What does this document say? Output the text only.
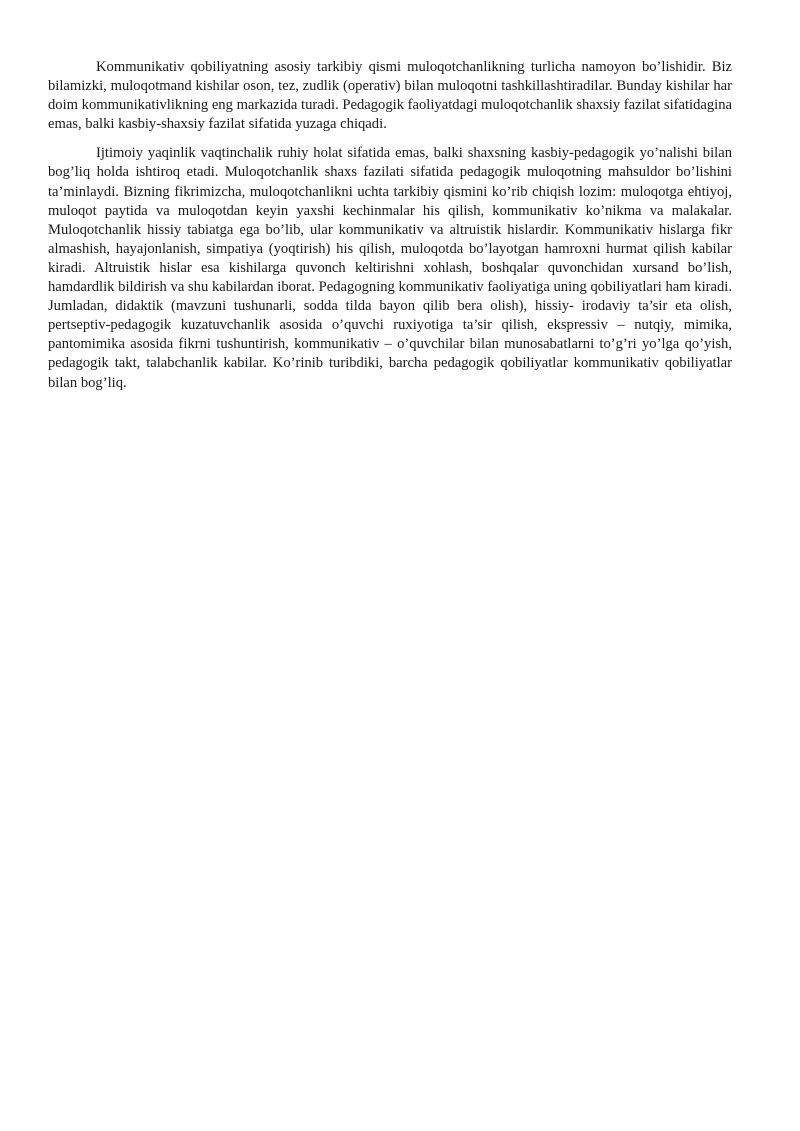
Kommunikativ qobiliyatning asosiy tarkibiy qismi muloqotchanlikning turlicha namoyon bo’lishidir. Biz bilamizki, muloqotmand kishilar oson, tez, zudlik (operativ) bilan muloqotni tashkillashtiradilar. Bunday kishilar har doim kommunikativlikning eng markazida turadi. Pedagogik faoliyatdagi muloqotchanlik shaxsiy fazilat sifatidagina emas, balki kasbiy-shaxsiy fazilat sifatida yuzaga chiqadi.

Ijtimoiy yaqinlik vaqtinchalik ruhiy holat sifatida emas, balki shaxsning kasbiy-pedagogik yo’nalishi bilan bog’liq holda ishtiroq etadi. Muloqotchanlik shaxs fazilati sifatida pedagogik muloqotning mahsuldor bo’lishini ta’minlaydi. Bizning fikrimizcha, muloqotchanlikni uchta tarkibiy qismini ko’rib chiqish lozim: muloqotga ehtiyoj, muloqot paytida va muloqotdan keyin yaxshi kechinmalar his qilish, kommunikativ ko’nikma va malakalar. Muloqotchanlik hissiy tabiatga ega bo’lib, ular kommunikativ va altruistik hislardir. Kommunikativ hislarga fikr almashish, hayajonlanish, simpatiya (yoqtirish) his qilish, muloqotda bo’layotgan hamroxni hurmat qilish kabilar kiradi. Altruistik hislar esa kishilarga quvonch keltirishni xohlash, boshqalar quvonchidan xursand bo’lish, hamdardlik bildirish va shu kabilardan iborat. Pedagogning kommunikativ faoliyatiga uning qobiliyatlari ham kiradi. Jumladan, didaktik (mavzuni tushunarli, sodda tilda bayon qilib bera olish), hissiy- irodaviy ta’sir eta olish, pertseptiv-pedagogik kuzatuvchanlik asosida o’quvchi ruxiyotiga ta’sir qilish, ekspressiv – nutqiy, mimika, pantomimika asosida fikrni tushuntirish, kommunikativ – o’quvchilar bilan munosabatlarni to’g’ri yo’lga qo’yish, pedagogik takt, talabchanlik kabilar. Ko’rinib turibdiki, barcha pedagogik qobiliyatlar kommunikativ qobiliyatlar bilan bog’liq.
